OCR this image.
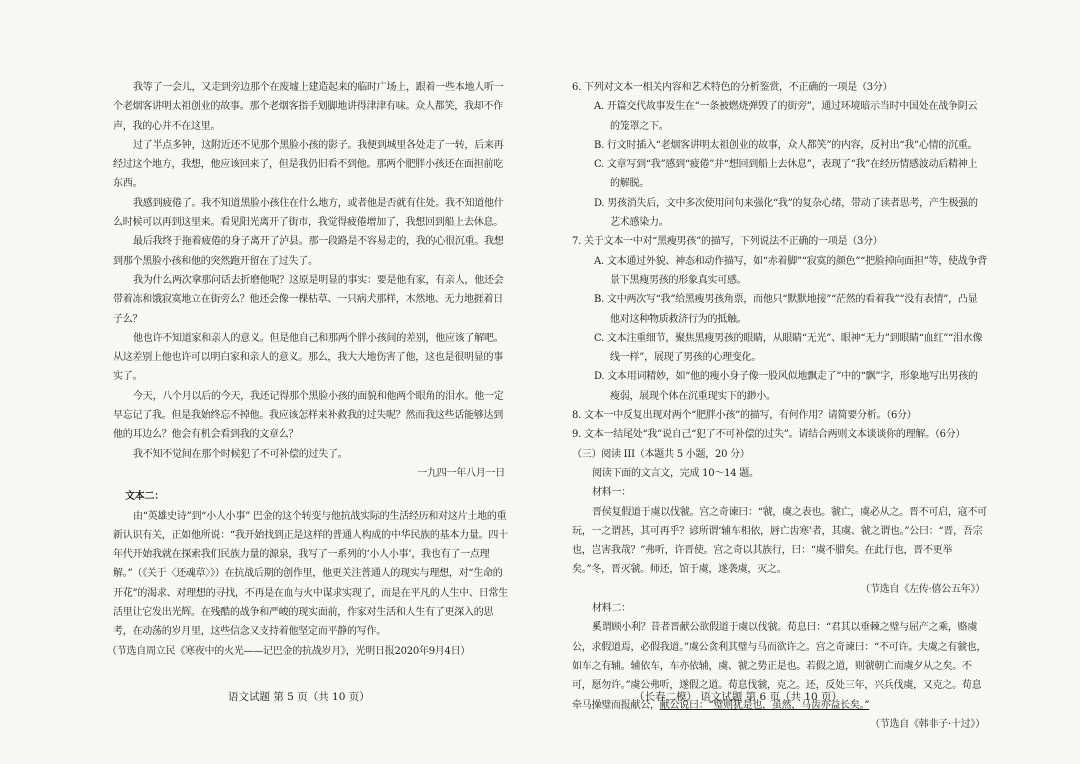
我等了一会儿，又走到旁边那个在废墟上建造起来的临时广场上，跟着一些本地人听一个老烟客讲明太祖创业的故事。那个老烟客指手划脚地讲得津津有味。众人都笑，我却不作声，我的心并不在这里。

过了半点多钟，这附近还不见那个黑脸小孩的影子。我便到城里各处走了一转，后来再经过这个地方，我想，他应该回来了，但是我仍旧看不到他。那两个肥胖小孩还在面担前吃东西。

我感到疲倦了。我不知道黑脸小孩住在什么地方，或者他是否就有住处。我不知道他什么时候可以再到这里来。看见阳光离开了街市，我觉得疲倦增加了，我想回到船上去休息。

最后我终于拖着疲倦的身子离开了泸县。那一段路是不容易走的，我的心很沉重。我想到那个黑脸小孩和他的突然跑开留在了过失了。

我为什么两次拿那问话去折磨他呢？这原是明显的事实：要是他有家，有亲人，他还会带着冻和饿寂寞地立在街旁么？他还会像一棵枯草、一只病犬那样，木然地、无力地捱着日子么？

他也许不知道家和亲人的意义。但是他自己和那两个胖小孩间的差别，他应该了解吧。从这差别上他也许可以明白家和亲人的意义。那么，我大大地伤害了他，这也是很明显的事实了。

今天，八个月以后的今天，我还记得那个黑脸小孩的面貌和他两个眼角的泪水。他一定早忘记了我。但是我始终忘不掉他。我应该怎样来补救我的过失呢？然而我这些话能够达到他的耳边么？他会有机会看到我的文章么？

我不知不觉间在那个时候犯了不可补偿的过失了。

一九四一年八月一日

文本二：

由“英雄史诗”到“小人小事” 巴金的这个转变与他抗战实际的生活经历和对这片土地的重新认识有关，正如他所说：“我开始找到正是这样的普通人构成的中华民族的基本力量。四十年代开始我就在探索我们民族力量的源泉，我写了一系列的‘小人小事’，我也有了一点理解。”（《关于〈还魂草〉》）在抗战后期的创作里，他更关注普通人的现实与理想，对“生命的开花”的渴求、对理想的寻找，不再是在血与火中谋求实现了，而是在平凡的人生中、日常生活里让它发出光辉。在残酷的战争和严峻的现实面前，作家对生活和人生有了更深入的思考，在动荡的岁月里，这些信念又支持着他坚定而平静的写作。

（节选自周立民《寒夜中的火光——记巴金的抗战岁月》，光明日报2020年9月4日）

语文试题 第 5 页（共 10 页）

6. 下列对文本一相关内容和艺术特色的分析鉴赏，不正确的一项是（3分）

A. 开篇交代故事发生在“一条被燃烧弹毁了的街旁”，通过环境暗示当时中国处在战争阴云的笼罩之下。

B. 行文时插入“老烟客讲明太祖创业的故事，众人都笑”的内容，反衬出“我”心情的沉重。

C. 文章写到“我”感到“疲倦”并“想回到船上去休息”，表现了“我”在经历情感波动后精神上的解脱。

D. 男孩消失后，文中多次使用问句来强化“我”的复杂心绪，带动了读者思考，产生极强的艺术感染力。

7. 关于文本一中对“黑瘦男孩”的描写，下列说法不正确的一项是（3分）

A. 文本通过外貌、神态和动作描写，如“赤着脚”“寂寞的颜色”“把脸掉向面担”等，使战争背景下黑瘦男孩的形象真实可感。

B. 文中两次写“我”给黑瘦男孩角票，而他只“默默地接”“茫然的看着我”“没有表情”，凸显他对这种物质救济行为的抵触。

C. 文本注重细节，聚焦黑瘦男孩的眼睛，从眼睛“无光”、眼神“无力”到眼睛“血红”“泪水像线一样”，展现了男孩的心理变化。

D. 文本用词精妙，如“他的瘦小身子像一股风似地飘走了”中的“飘”字，形象地写出男孩的瘦弱，展现个体在沉重现实下的渺小。

8. 文本一中反复出现对两个“肥胖小孩”的描写，有何作用？请简要分析。（6分）

9. 文本一结尾处“我”说自己“犯了不可补偿的过失”。请结合两则文本谈谈你的理解。（6分）

（三）阅读 III（本题共 5 小题，20 分）

阅读下面的文言文，完成 10～14 题。

材料一：

晋侯复假道于虞以伐虢。宫之奇谏曰：“虢，虞之表也。虢亡，虞必从之。晋不可启，寇不可玩，一之谓甚，其可再乎？谚所谓‘辅车相依，唇亡齿寒’者，其虞、虢之谓也。”公曰：“晋，吾宗也，岂害我哉？”弗听，许晋使。宫之奇以其族行，曰：“虞不腊矣。在此行也，晋不更举矣。”冬，晋灭虢。师还，馆于虞，遂袭虞，灭之。

（节选自《左传·僖公五年》）

材料二：

奚谓顾小利？昔者晋献公欲假道于虞以伐虢。荀息曰：“君其以垂棘之璧与屈产之乘，赂虞公，求假道焉，必假我道。”虞公贪利其璧与马而欲许之。宫之奇谏曰：“不可许。夫虞之有虢也，如车之有辅。辅依车，车亦依辅，虞、虢之势正是也。若假之道，则虢朝亡而虞夕从之矣。不可，愿勿许。”虞公弗听，遂假之道。荀息伐虢，克之。还，反处三年，兴兵伐虞，又克之。荀息牵马操璧而报献公，献公说曰：“璧则犹是也，虽然，马齿亦益长矣。”

（节选自《韩非子·十过》）

（长春二模） 语文试题 第 6 页（共 10 页）
